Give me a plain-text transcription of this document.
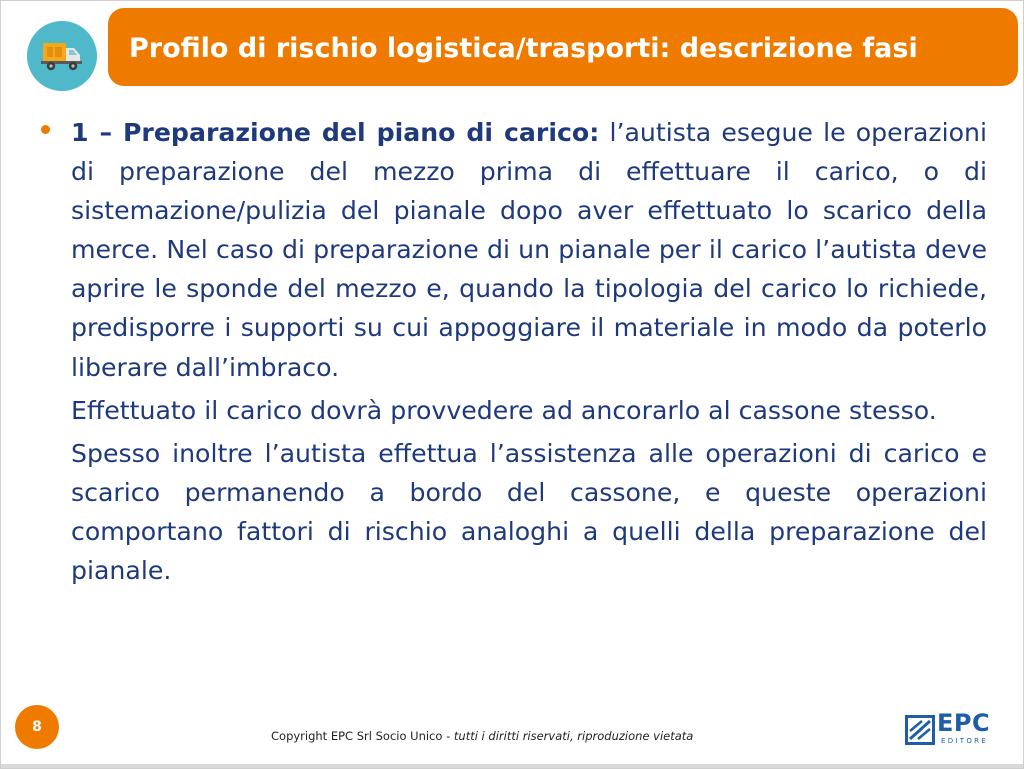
Profilo di rischio logistica/trasporti: descrizione fasi

1 – Preparazione del piano di carico: l’autista esegue le operazioni di preparazione del mezzo prima di effettuare il carico, o di sistemazione/pulizia del pianale dopo aver effettuato lo scarico della merce. Nel caso di preparazione di un pianale per il carico l’autista deve aprire le sponde del mezzo e, quando la tipologia del carico lo richiede, predisporre i supporti su cui appoggiare il materiale in modo da poterlo liberare dall’imbraco.

Effettuato il carico dovrà provvedere ad ancorarlo al cassone stesso.

Spesso inoltre l’autista effettua l’assistenza alle operazioni di carico e scarico permanendo a bordo del cassone, e queste operazioni comportano fattori di rischio analoghi a quelli della preparazione del pianale.

8
Copyright EPC Srl Socio Unico - tutti i diritti riservati, riproduzione vietata	EPC
EDITORE
